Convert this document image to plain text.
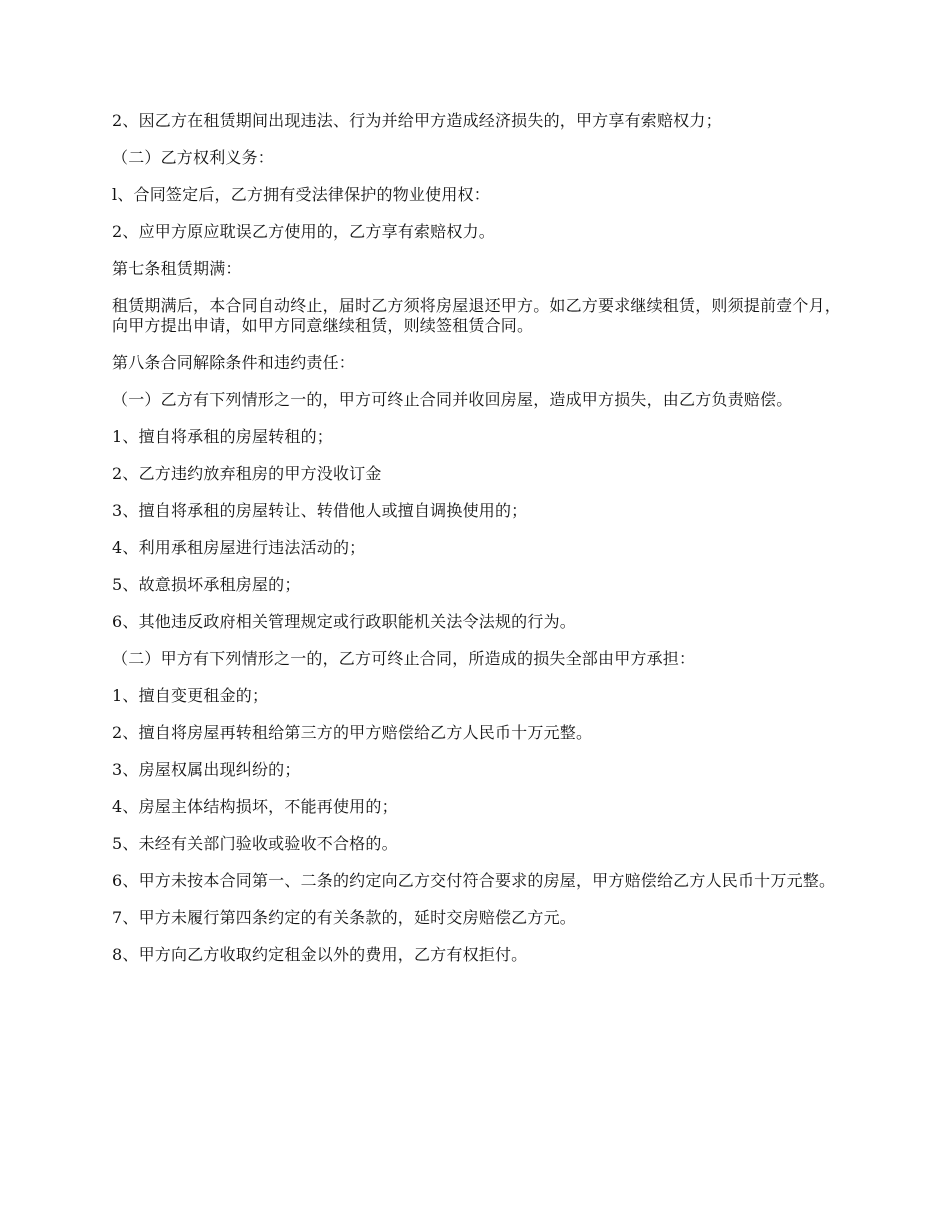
2、因乙方在租赁期间出现违法、行为并给甲方造成经济损失的，甲方享有索赔权力；

（二）乙方权利义务：

l、合同签定后，乙方拥有受法律保护的物业使用权：

2、应甲方原应耽误乙方使用的，乙方享有索赔权力。

第七条租赁期满：

租赁期满后，本合同自动终止，届时乙方须将房屋退还甲方。如乙方要求继续租赁，则须提前壹个月，向甲方提出申请，如甲方同意继续租赁，则续签租赁合同。

第八条合同解除条件和违约责任：

（一）乙方有下列情形之一的，甲方可终止合同并收回房屋，造成甲方损失，由乙方负责赔偿。

1、擅自将承租的房屋转租的；

2、乙方违约放弃租房的甲方没收订金

3、擅自将承租的房屋转让、转借他人或擅自调换使用的；

4、利用承租房屋进行违法活动的；

5、故意损坏承租房屋的；

6、其他违反政府相关管理规定或行政职能机关法令法规的行为。

（二）甲方有下列情形之一的，乙方可终止合同，所造成的损失全部由甲方承担：

1、擅自变更租金的；

2、擅自将房屋再转租给第三方的甲方赔偿给乙方人民币十万元整。

3、房屋权属出现纠纷的；

4、房屋主体结构损坏，不能再使用的；

5、未经有关部门验收或验收不合格的。

6、甲方未按本合同第一、二条的约定向乙方交付符合要求的房屋，甲方赔偿给乙方人民币十万元整。

7、甲方未履行第四条约定的有关条款的，延时交房赔偿乙方元。

8、甲方向乙方收取约定租金以外的费用，乙方有权拒付。
